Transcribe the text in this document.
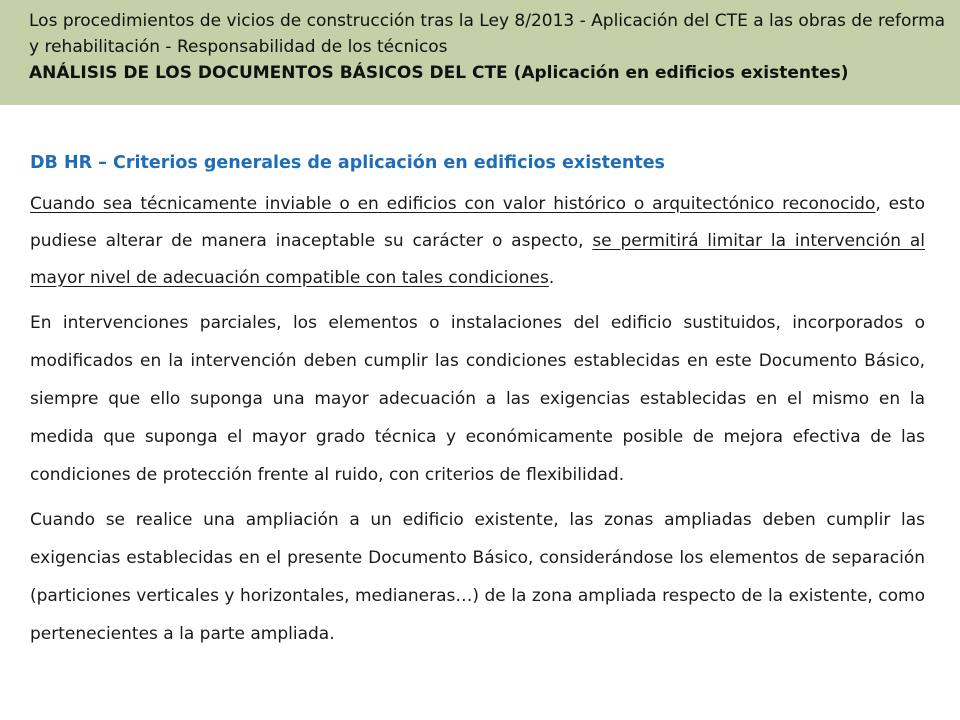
Los procedimientos de vicios de construcción tras la Ley 8/2013 - Aplicación del CTE a las obras de reforma y rehabilitación - Responsabilidad de los técnicos

ANÁLISIS DE LOS DOCUMENTOS BÁSICOS DEL CTE (Aplicación en edificios existentes)

DB HR – Criterios generales de aplicación en edificios existentes

Cuando sea técnicamente inviable o en edificios con valor histórico o arquitectónico reconocido, esto pudiese alterar de manera inaceptable su carácter o aspecto, se permitirá limitar la intervención al mayor nivel de adecuación compatible con tales condiciones.

En intervenciones parciales, los elementos o instalaciones del edificio sustituidos, incorporados o modificados en la intervención deben cumplir las condiciones establecidas en este Documento Básico, siempre que ello suponga una mayor adecuación a las exigencias establecidas en el mismo en la medida que suponga el mayor grado técnica y económicamente posible de mejora efectiva de las condiciones de protección frente al ruido, con criterios de flexibilidad.

Cuando se realice una ampliación a un edificio existente, las zonas ampliadas deben cumplir las exigencias establecidas en el presente Documento Básico, considerándose los elementos de separación (particiones verticales y horizontales, medianeras…) de la zona ampliada respecto de la existente, como pertenecientes a la parte ampliada.
